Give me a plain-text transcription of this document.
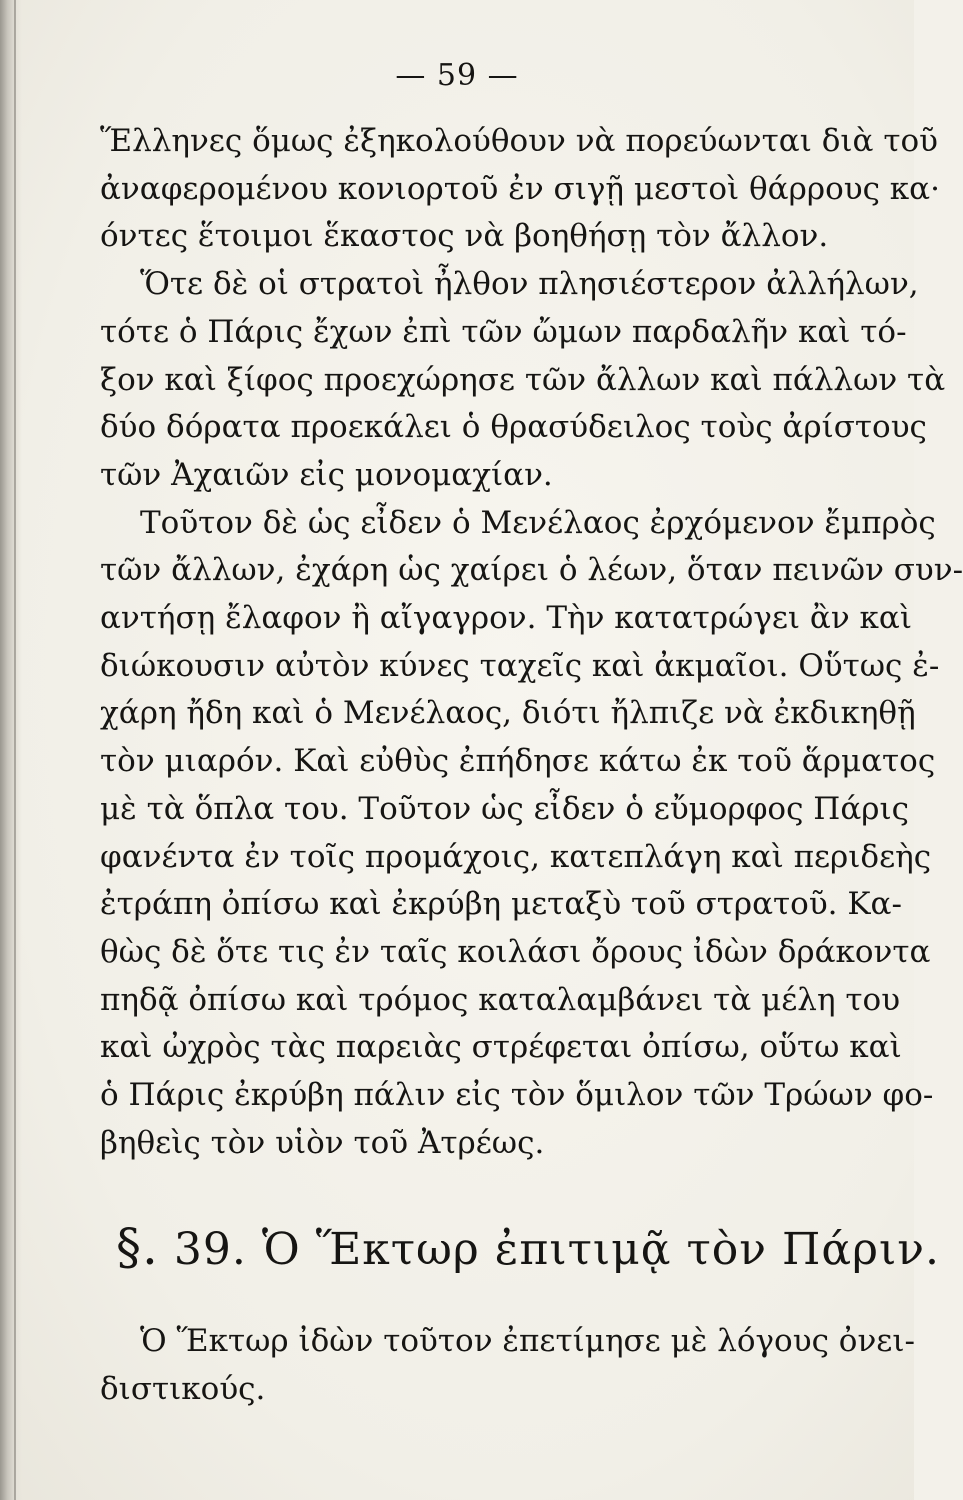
— 59 —
Ἕλληνες ὅμως ἐξηκολούθουν νὰ πορεύωνται διὰ τοῦ
ἀναφερομένου κονιορτοῦ ἐν σιγῇ μεστοὶ θάρρους κα·
όντες ἕτοιμοι ἕκαστος νὰ βοηθήσῃ τὸν ἄλλον.
Ὅτε δὲ οἱ στρατοὶ ἦλθον πλησιέστερον ἀλλήλων,
τότε ὁ Πάρις ἔχων ἐπὶ τῶν ὤμων παρδαλῆν καὶ τό-
ξον καὶ ξίφος προεχώρησε τῶν ἄλλων καὶ πάλλων τὰ
δύο δόρατα προεκάλει ὁ θρασύδειλος τοὺς ἀρίστους
τῶν Ἀχαιῶν εἰς μονομαχίαν.
Τοῦτον δὲ ὡς εἶδεν ὁ Μενέλαος ἐρχόμενον ἔμπρὸς
τῶν ἄλλων, ἐχάρη ὡς χαίρει ὁ λέων, ὅταν πεινῶν συν-
αντήσῃ ἔλαφον ἢ αἴγαγρον. Τὴν κατατρώγει ἂν καὶ
διώκουσιν αὐτὸν κύνες ταχεῖς καὶ ἀκμαῖοι. Οὕτως ἐ-
χάρη ἤδη καὶ ὁ Μενέλαος, διότι ἤλπιζε νὰ ἐκδικηθῇ
τὸν μιαρόν. Καὶ εὐθὺς ἐπήδησε κάτω ἐκ τοῦ ἅρματος
μὲ τὰ ὅπλα του. Τοῦτον ὡς εἶδεν ὁ εὔμορφος Πάρις
φανέντα ἐν τοῖς προμάχοις, κατεπλάγη καὶ περιδεὴς
ἐτράπη ὀπίσω καὶ ἐκρύβη μεταξὺ τοῦ στρατοῦ. Κα-
θὼς δὲ ὅτε τις ἐν ταῖς κοιλάσι ὄρους ἰδὼν δράκοντα
πηδᾷ ὀπίσω καὶ τρόμος καταλαμβάνει τὰ μέλη του
καὶ ὠχρὸς τὰς παρειὰς στρέφεται ὀπίσω, οὕτω καὶ
ὁ Πάρις ἐκρύβη πάλιν εἰς τὸν ὅμιλον τῶν Τρώων φο-
βηθεὶς τὸν υἱὸν τοῦ Ἀτρέως.
§. 39. Ὁ Ἕκτωρ ἐπιτιμᾷ τὸν Πάριν.
Ὁ Ἕκτωρ ἰδὼν τοῦτον ἐπετίμησε μὲ λόγους ὀνει-
διστικούς.
